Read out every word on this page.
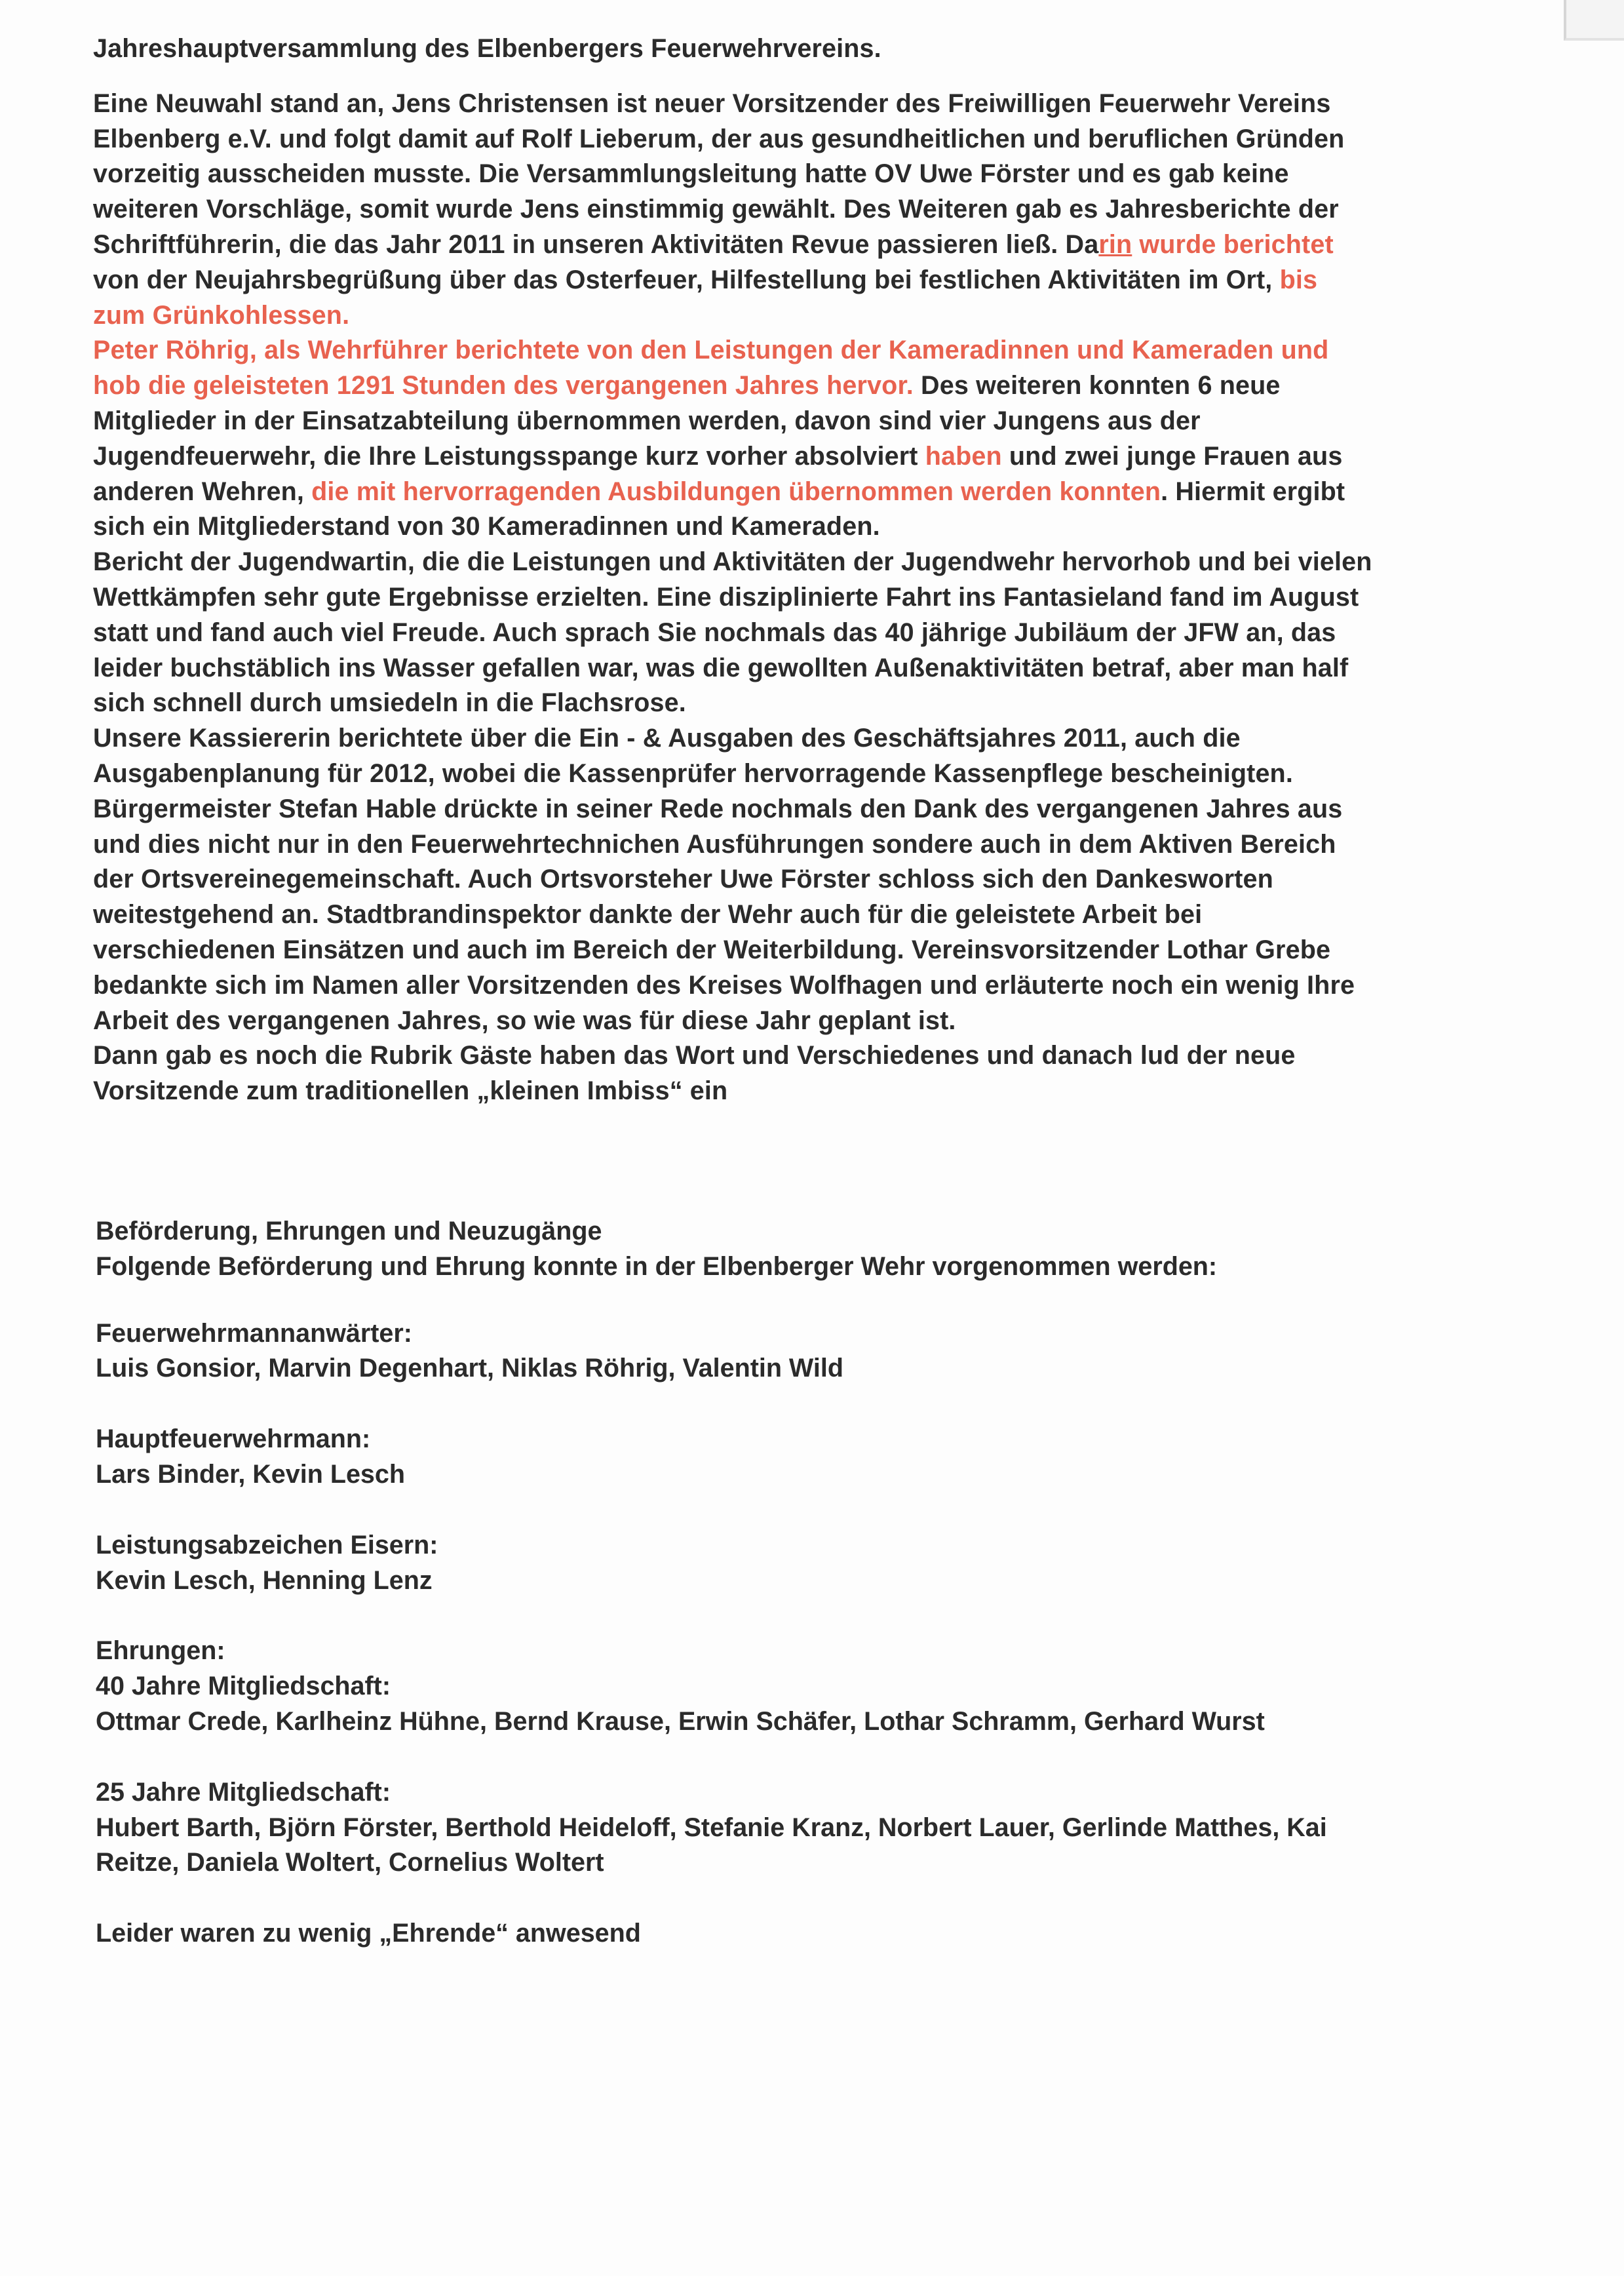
Jahreshauptversammlung des Elbenbergers Feuerwehrvereins.
Eine Neuwahl stand an, Jens Christensen ist neuer Vorsitzender des Freiwilligen Feuerwehr Vereins
Elbenberg e.V. und folgt damit auf Rolf Lieberum, der aus gesundheitlichen und beruflichen Gründen
vorzeitig ausscheiden musste. Die Versammlungsleitung hatte OV Uwe Förster und es gab keine
weiteren Vorschläge, somit wurde Jens einstimmig gewählt. Des Weiteren gab es Jahresberichte der
Schriftführerin, die das Jahr 2011 in unseren Aktivitäten Revue passieren ließ. Darin wurde berichtet
von der Neujahrsbegrüßung über das Osterfeuer, Hilfestellung bei festlichen Aktivitäten im Ort, bis
zum Grünkohlessen.
Peter Röhrig, als Wehrführer berichtete von den Leistungen der Kameradinnen und Kameraden und
hob die geleisteten 1291 Stunden des vergangenen Jahres hervor. Des weiteren konnten 6 neue
Mitglieder in der Einsatzabteilung übernommen werden, davon sind vier Jungens aus der
Jugendfeuerwehr, die Ihre Leistungsspange kurz vorher absolviert haben und zwei junge Frauen aus
anderen Wehren, die mit hervorragenden Ausbildungen übernommen werden konnten. Hiermit ergibt
sich ein Mitgliederstand von 30 Kameradinnen und Kameraden.
Bericht der Jugendwartin, die die Leistungen und Aktivitäten der Jugendwehr hervorhob und bei vielen
Wettkämpfen sehr gute Ergebnisse erzielten. Eine disziplinierte Fahrt ins Fantasieland fand im August
statt und fand auch viel Freude. Auch sprach Sie nochmals das 40 jährige Jubiläum der JFW an, das
leider buchstäblich ins Wasser gefallen war, was die gewollten Außenaktivitäten betraf, aber man half
sich schnell durch umsiedeln in die Flachsrose.
Unsere Kassiererin berichtete über die Ein - & Ausgaben des Geschäftsjahres 2011, auch die
Ausgabenplanung für 2012, wobei die Kassenprüfer hervorragende Kassenpflege bescheinigten.
Bürgermeister Stefan Hable drückte in seiner Rede nochmals den Dank des vergangenen Jahres aus
und dies nicht nur in den Feuerwehrtechnichen Ausführungen sondere auch in dem Aktiven Bereich
der Ortsvereinegemeinschaft. Auch Ortsvorsteher Uwe Förster schloss sich den Dankesworten
weitestgehend an. Stadtbrandinspektor dankte der Wehr auch für die geleistete Arbeit bei
verschiedenen Einsätzen und auch im Bereich der Weiterbildung. Vereinsvorsitzender Lothar Grebe
bedankte sich im Namen aller Vorsitzenden des Kreises Wolfhagen und erläuterte noch ein wenig Ihre
Arbeit des vergangenen Jahres, so wie was für diese Jahr geplant ist.
Dann gab es noch die Rubrik Gäste haben das Wort und Verschiedenes und danach lud der neue
Vorsitzende zum traditionellen „kleinen Imbiss“ ein
Beförderung, Ehrungen und Neuzugänge
Folgende Beförderung und Ehrung konnte in der Elbenberger Wehr vorgenommen werden:
Feuerwehrmannanwärter:
Luis Gonsior, Marvin Degenhart, Niklas Röhrig, Valentin Wild
Hauptfeuerwehrmann:
Lars Binder, Kevin Lesch
Leistungsabzeichen Eisern:
Kevin Lesch, Henning Lenz
Ehrungen:
40 Jahre Mitgliedschaft:
Ottmar Crede, Karlheinz Hühne, Bernd Krause, Erwin Schäfer, Lothar Schramm, Gerhard Wurst
25 Jahre Mitgliedschaft:
Hubert Barth, Björn Förster, Berthold Heideloff, Stefanie Kranz, Norbert Lauer, Gerlinde Matthes, Kai
Reitze, Daniela Woltert, Cornelius Woltert
Leider waren zu wenig „Ehrende“ anwesend
